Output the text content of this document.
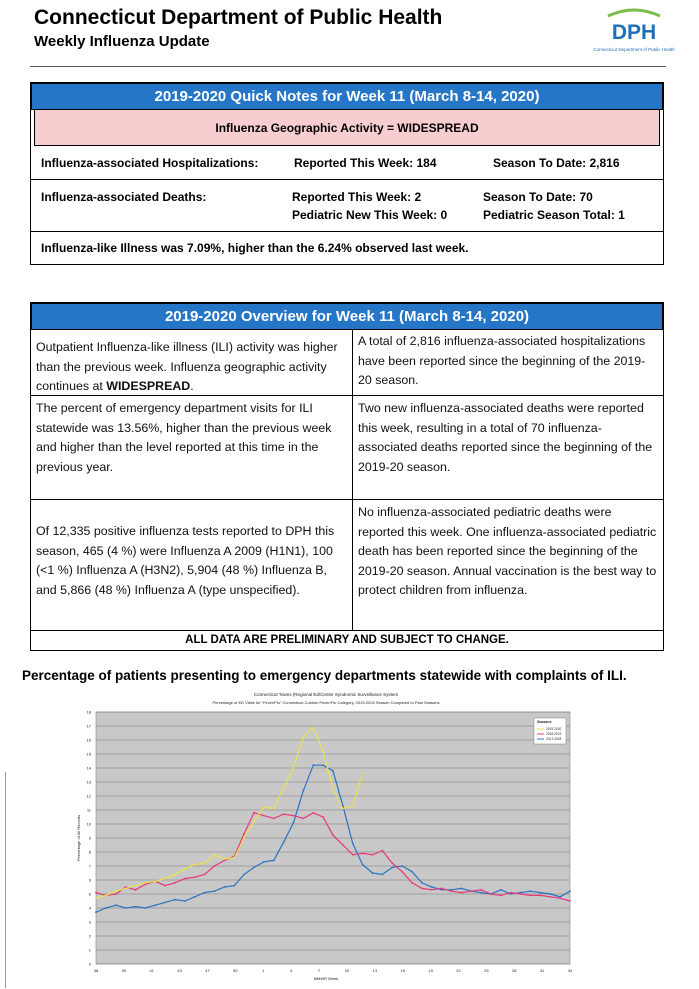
Connecticut Department of Public Health
Weekly Influenza Update	DPH
Connecticut Department of Public Health
2019-2020 Quick Notes for Week 11 (March 8-14, 2020)
Influenza Geographic Activity = WIDESPREAD
Influenza-associated Hospitalizations:	Reported This Week: 184	Season To Date: 2,816
Influenza-associated Deaths:	Reported This Week: 2	Season To Date: 70
Pediatric New This Week: 0	Pediatric Season Total: 1
Influenza-like Illness was 7.09%, higher than the 6.24% observed last week.
2019-2020 Overview for Week 11 (March 8-14, 2020)
Outpatient Influenza-like illness (ILI) activity was higher than the previous week. Influenza geographic activity continues at WIDESPREAD.
A total of 2,816 influenza-associated hospitalizations have been reported since the beginning of the 2019-20 season.
The percent of emergency department visits for ILI statewide was 13.56%, higher than the previous week and higher than the level reported at this time in the previous year.
Two new influenza-associated deaths were reported this week, resulting in a total of 70 influenza-associated deaths reported since the beginning of the 2019-20 season.
Of 12,335 positive influenza tests reported to DPH this season, 465 (4 %) were Influenza A 2009 (H1N1), 100 (<1 %) Influenza A (H3N2), 5,904 (48 %) Influenza B, and 5,866 (48 %) Influenza A (type unspecified).
No influenza-associated pediatric deaths were reported this week. One influenza-associated pediatric death has been reported since the beginning of the 2019-20 season. Annual vaccination is the best way to protect children from influenza.
ALL DATA ARE PRELIMINARY AND SUBJECT TO CHANGE.
Percentage of patients presenting to emergency departments statewide with complaints of ILI.
Connecticut Towns (Regional Ed/Center Syndromic Surveillance System
Percentage of ED Visits for "Fever/Flu" Connecticut Custom Fever/Flu Category, 2019-2020 Season Compared to Past Seasons
0
1
2
3
4
5
6
7
8
9
10
11
12
13
14
15
16
17
18
38	39	41	43	47	50	1	4	7	10	13	16	19	22	25	28	31	34
MMWR Week
Percentage of All Records
Seasons
2019-2020
2018-2019
2017-2018
